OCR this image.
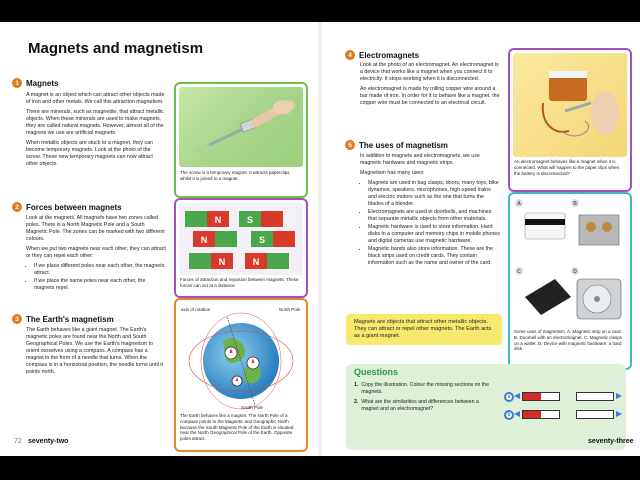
Magnets and magnetism
1 Magnets

A magnet is an object which can attract other objects made of iron and other metals. We call this attraction magnetism.

There are minerals, such as magnetite, that attract metallic objects. When these minerals are used to make magnets, they are called natural magnets. However, almost all of the magnets we use are artificial magnets.

When metallic objects are stuck to a magnet, they can become temporary magnets. Look at the photo of the screw. These new temporary magnets can now attract other objects.

2 Forces between magnets

Look at the magnets. All magnets have two zones called poles. There is a North Magnetic Pole and a South Magnetic Pole. The zones can be marked with two different colours.

When we put two magnets near each other, they can attract or they can repel each other:

• If we place different poles near each other, the magnets attract.
• If we place the same poles near each other, the magnets repel.
3 The Earth's magnetism

The Earth behaves like a giant magnet. The Earth's magnetic poles are found near the North and South Geographical Poles. We use the Earth's magnetism to orient ourselves using a compass. A compass has a magnet in the form of a needle that turns. When the compass is in a horizontal position, the needle turns until it points north.

The screw is a temporary magnet. It attracts paperclips whilst it is joined to a magnet.
N	S
N	S
N	N
Forces of attraction and repulsion between magnets. These forces can act at a distance.
axis of rotation	North Pole
South Pole
The Earth behaves like a magnet. The North Pole of a compass points to the Magnetic and Geographic North because the South Magnetic Pole of the Earth is situated near the North Geographical Pole of the Earth. Opposite poles attract.
72 seventy-two
4 Electromagnets

Look at the photo of an electromagnet. An electromagnet is a device that works like a magnet when you connect it to electricity. It stops working when it is disconnected.

An electromagnet is made by rolling copper wire around a bar made of iron. In order for it to behave like a magnet, the copper wire must be connected to an electrical circuit.

5 The uses of magnetism

In addition to magnets and electromagnets, we use magnetic hardware and magnetic strips.

Magnetism has many uses:

• Magnets are used in bag clasps, doors, many toys, bike dynamos, speakers, microphones, high-speed trains and electric motors such as the one that turns the blades of a blender.
• Electromagnets are used in doorbells, and machines that separate metallic objects from other materials.
• Magnetic hardware is used to store information. Hard disks in a computer and memory chips in mobile phones and digital cameras use magnetic hardware.
• Magnetic bands also store information. These are the black strips used on credit cards. They contain information such as the name and owner of the card.
An electromagnet behaves like a magnet when it is connected. What will happen to the paper clips when the battery is disconnected?
A	B
C	D
Some uses of magnetism. A. Magnetic strip on a card. B. Doorbell with an electromagnet. C. Magnetic clasps on a wallet. D. Device with magnetic hardware: a hard disk.
Magnets are objects that attract other metallic objects. They can attract or repel other magnets. The Earth acts as a giant magnet.
Questions
1. Copy the illustration. Colour the missing sections on the magnets.
2. What are the similarities and differences between a magnet and an electromagnet?
a
b
seventy-three
